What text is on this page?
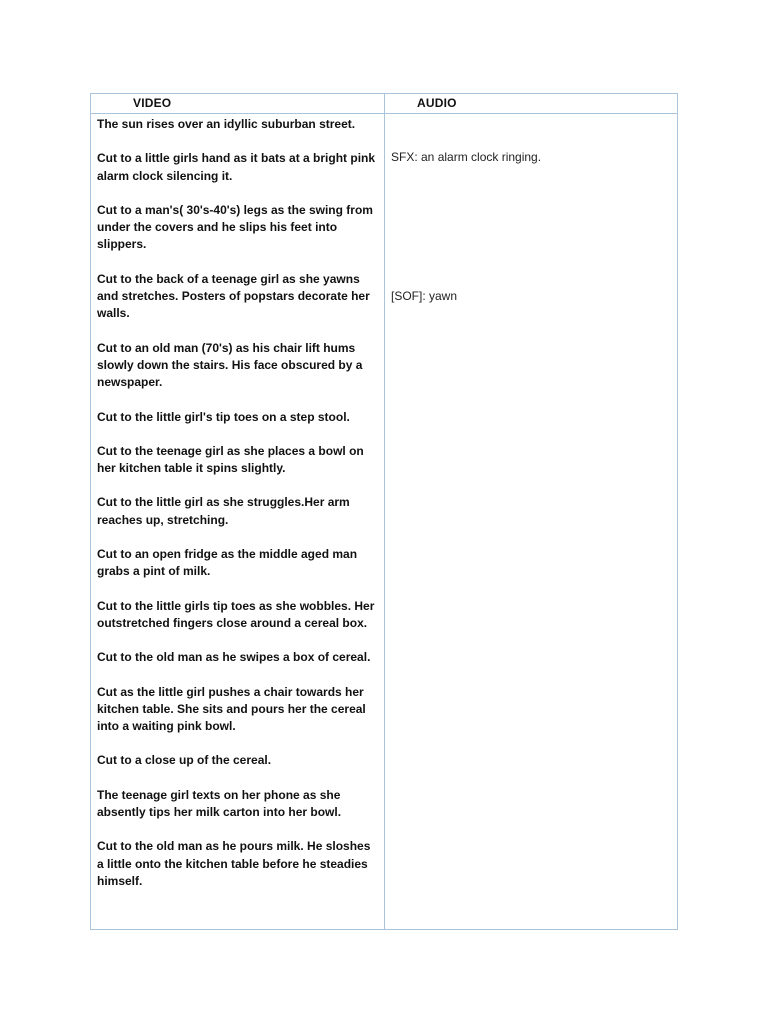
VIDEO	AUDIO

The sun rises over an idyllic suburban street.

Cut to a little girls hand as it bats at a bright pink alarm clock silencing it.

Cut to a man's( 30's-40's) legs as the swing from under the covers and he slips his feet into slippers.

Cut to the back of a teenage girl as she yawns and stretches. Posters of popstars decorate her walls.

Cut to an old man (70's) as his chair lift hums slowly down the stairs. His face obscured by a newspaper.

Cut to the little girl's tip toes on a step stool.

Cut to the teenage girl as she places a bowl on her kitchen table it spins slightly.

Cut to the little girl as she struggles.Her arm reaches up, stretching.

Cut to an open fridge as the middle aged man grabs a pint of milk.

Cut to the little girls tip toes as she wobbles. Her outstretched fingers close around a cereal box.

Cut to the old man as he swipes a box of cereal.

Cut as the little girl pushes a chair towards her kitchen table. She sits and pours her the cereal into a waiting pink bowl.

Cut to a close up of the cereal.

The teenage girl texts on her phone as she absently tips her milk carton into her bowl.

Cut to the old man as he pours milk. He sloshes a little onto the kitchen table before he steadies himself.

SFX: an alarm clock ringing.
[SOF]: yawn
